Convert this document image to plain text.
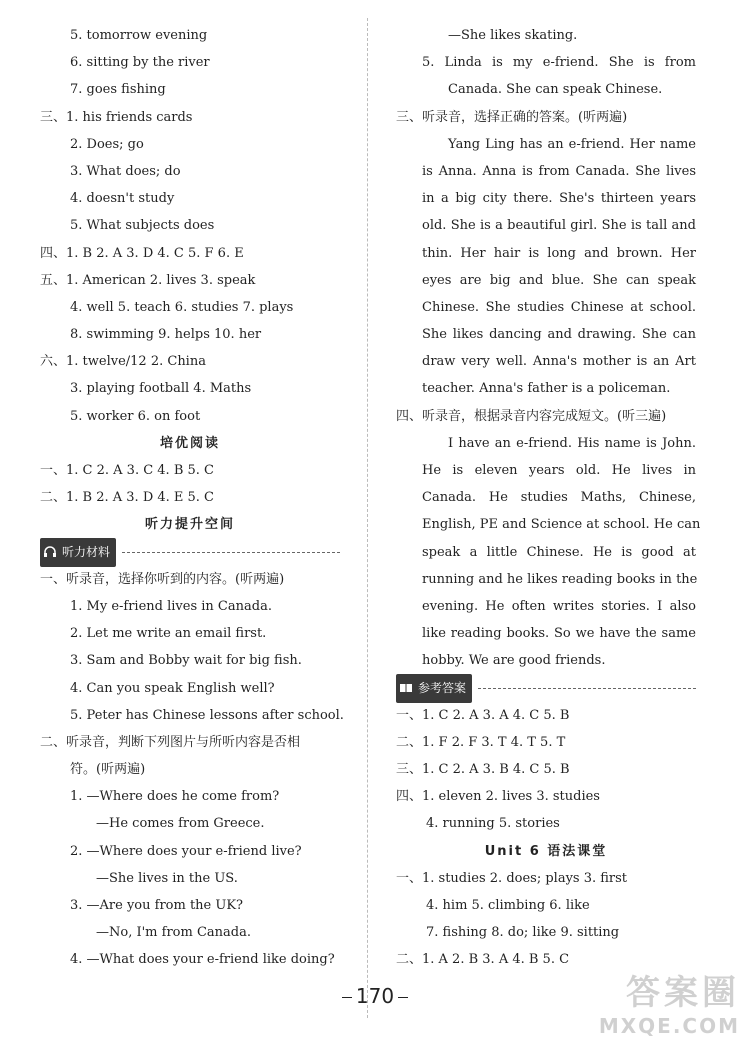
5. tomorrow evening
6. sitting by the river
7. goes fishing
三、1. his friends cards
2. Does; go
3. What does; do
4. doesn't study
5. What subjects does
四、1. B 2. A 3. D 4. C 5. F 6. E
五、1. American 2. lives 3. speak
4. well 5. teach 6. studies 7. plays
8. swimming 9. helps 10. her
六、1. twelve/12 2. China
3. playing football 4. Maths
5. worker 6. on foot
培优阅读
一、1. C 2. A 3. C 4. B 5. C
二、1. B 2. A 3. D 4. E 5. C
听力提升空间
听力材料
一、听录音，选择你听到的内容。(听两遍)
1. My e-friend lives in Canada.
2. Let me write an email first.
3. Sam and Bobby wait for big fish.
4. Can you speak English well?
5. Peter has Chinese lessons after school.
二、听录音，判断下列图片与所听内容是否相
符。(听两遍)
1. —Where does he come from?
—He comes from Greece.
2. —Where does your e-friend live?
—She lives in the US.
3. —Are you from the UK?
—No, I'm from Canada.
4. —What does your e-friend like doing?
—She likes skating.
5. Linda is my e-friend. She is from
Canada. She can speak Chinese.
三、听录音，选择正确的答案。(听两遍)
Yang Ling has an e-friend. Her name
is Anna. Anna is from Canada. She lives
in a big city there. She's thirteen years
old. She is a beautiful girl. She is tall and
thin. Her hair is long and brown. Her
eyes are big and blue. She can speak
Chinese. She studies Chinese at school.
She likes dancing and drawing. She can
draw very well. Anna's mother is an Art
teacher. Anna's father is a policeman.
四、听录音，根据录音内容完成短文。(听三遍)
I have an e-friend. His name is John.
He is eleven years old. He lives in
Canada. He studies Maths, Chinese,
English, PE and Science at school. He can
speak a little Chinese. He is good at
running and he likes reading books in the
evening. He often writes stories. I also
like reading books. So we have the same
hobby. We are good friends.
参考答案
一、1. C 2. A 3. A 4. C 5. B
二、1. F 2. F 3. T 4. T 5. T
三、1. C 2. A 3. B 4. C 5. B
四、1. eleven 2. lives 3. studies
4. running 5. stories
Unit 6 语法课堂
一、1. studies 2. does; plays 3. first
4. him 5. climbing 6. like
7. fishing 8. do; like 9. sitting
二、1. A 2. B 3. A 4. B 5. C
170	答案圈
MXQE.COM
